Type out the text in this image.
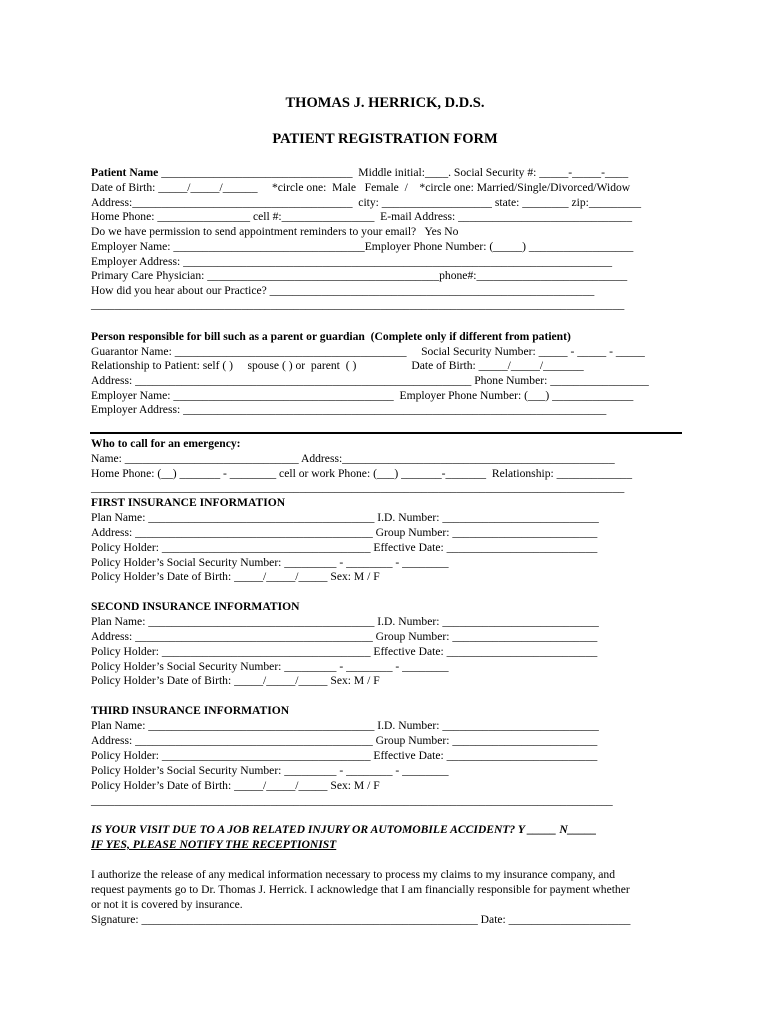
THOMAS J. HERRICK, D.D.S.
PATIENT REGISTRATION FORM
Patient Name _________________________________  Middle initial:____. Social Security #: _____-_____-____
Date of Birth: _____/_____/______     *circle one:  Male   Female  /    *circle one: Married/Single/Divorced/Widow
Address:______________________________________  city: ___________________ state: ________ zip:_________
Home Phone: ________________ cell #:________________  E-mail Address: ______________________________
Do we have permission to send appointment reminders to your email?   Yes No
Employer Name: _________________________________Employer Phone Number: (_____) __________________
Employer Address: __________________________________________________________________________
Primary Care Physician: ________________________________________phone#:__________________________
How did you hear about our Practice? ________________________________________________________
____________________________________________________________________________________________
Person responsible for bill such as a parent or guardian  (Complete only if different from patient)
Guarantor Name: ________________________________________     Social Security Number: _____ - _____ - _____
Relationship to Patient: self ( )     spouse ( ) or  parent  ( )                   Date of Birth: _____/_____/_______
Address: __________________________________________________________ Phone Number: _________________
Employer Name: ______________________________________  Employer Phone Number: (___) ______________
Employer Address: _________________________________________________________________________
Who to call for an emergency:
Name: ______________________________ Address:_______________________________________________
Home Phone: (__) _______ - ________ cell or work Phone: (___) _______-_______  Relationship: _____________
____________________________________________________________________________________________
FIRST INSURANCE INFORMATION
Plan Name: _______________________________________ I.D. Number: ___________________________
Address: _________________________________________ Group Number: _________________________
Policy Holder: ____________________________________ Effective Date: __________________________
Policy Holder’s Social Security Number: _________ - ________ - ________
Policy Holder’s Date of Birth: _____/_____/_____ Sex: M / F
SECOND INSURANCE INFORMATION
Plan Name: _______________________________________ I.D. Number: ___________________________
Address: _________________________________________ Group Number: _________________________
Policy Holder: ____________________________________ Effective Date: __________________________
Policy Holder’s Social Security Number: _________ - ________ - ________
Policy Holder’s Date of Birth: _____/_____/_____ Sex: M / F
THIRD INSURANCE INFORMATION
Plan Name: _______________________________________ I.D. Number: ___________________________
Address: _________________________________________ Group Number: _________________________
Policy Holder: ____________________________________ Effective Date: __________________________
Policy Holder’s Social Security Number: _________ - ________ - ________
Policy Holder’s Date of Birth: _____/_____/_____ Sex: M / F
__________________________________________________________________________________________
IS YOUR VISIT DUE TO A JOB RELATED INJURY OR AUTOMOBILE ACCIDENT? Y _____ N_____
IF YES, PLEASE NOTIFY THE RECEPTIONIST
I authorize the release of any medical information necessary to process my claims to my insurance company, and
request payments go to Dr. Thomas J. Herrick. I acknowledge that I am financially responsible for payment whether
or not it is covered by insurance.
Signature: __________________________________________________________ Date: _____________________
